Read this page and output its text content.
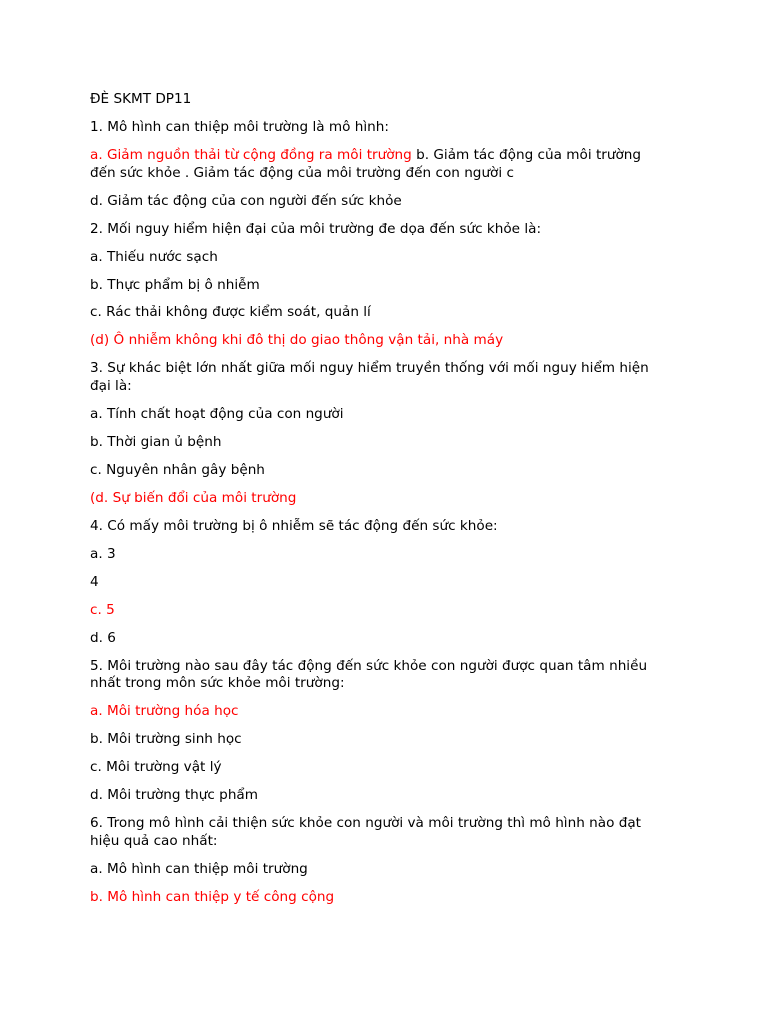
ĐÈ SKMT DP11

1. Mô hình can thiệp môi trường là mô hình:

a. Giảm nguồn thải từ cộng đồng ra môi trường b. Giảm tác động của môi trường đến sức khỏe . Giảm tác động của môi trường đến con người c

d. Giảm tác động của con người đến sức khỏe

2. Mối nguy hiểm hiện đại của môi trường đe dọa đến sức khỏe là:

a. Thiếu nước sạch

b. Thực phẩm bị ô nhiễm

c. Rác thải không được kiểm soát, quản lí

(d) Ô nhiễm không khi đô thị do giao thông vận tải, nhà máy

3. Sự khác biệt lớn nhất giữa mối nguy hiểm truyền thống với mối nguy hiểm hiện đại là:

a. Tính chất hoạt động của con người

b. Thời gian ủ bệnh

c. Nguyên nhân gây bệnh

(d. Sự biến đổi của môi trường

4. Có mấy môi trường bị ô nhiễm sẽ tác động đến sức khỏe:

a. 3

4

c. 5

d. 6

5. Môi trường nào sau đây tác động đến sức khỏe con người được quan tâm nhiều nhất trong môn sức khỏe môi trường:

a. Môi trường hóa học

b. Môi trường sinh học

c. Môi trường vật lý

d. Môi trường thực phẩm

6. Trong mô hình cải thiện sức khỏe con người và môi trường thì mô hình nào đạt hiệu quả cao nhất:

a. Mô hình can thiệp môi trường

b. Mô hình can thiệp y tế công cộng
